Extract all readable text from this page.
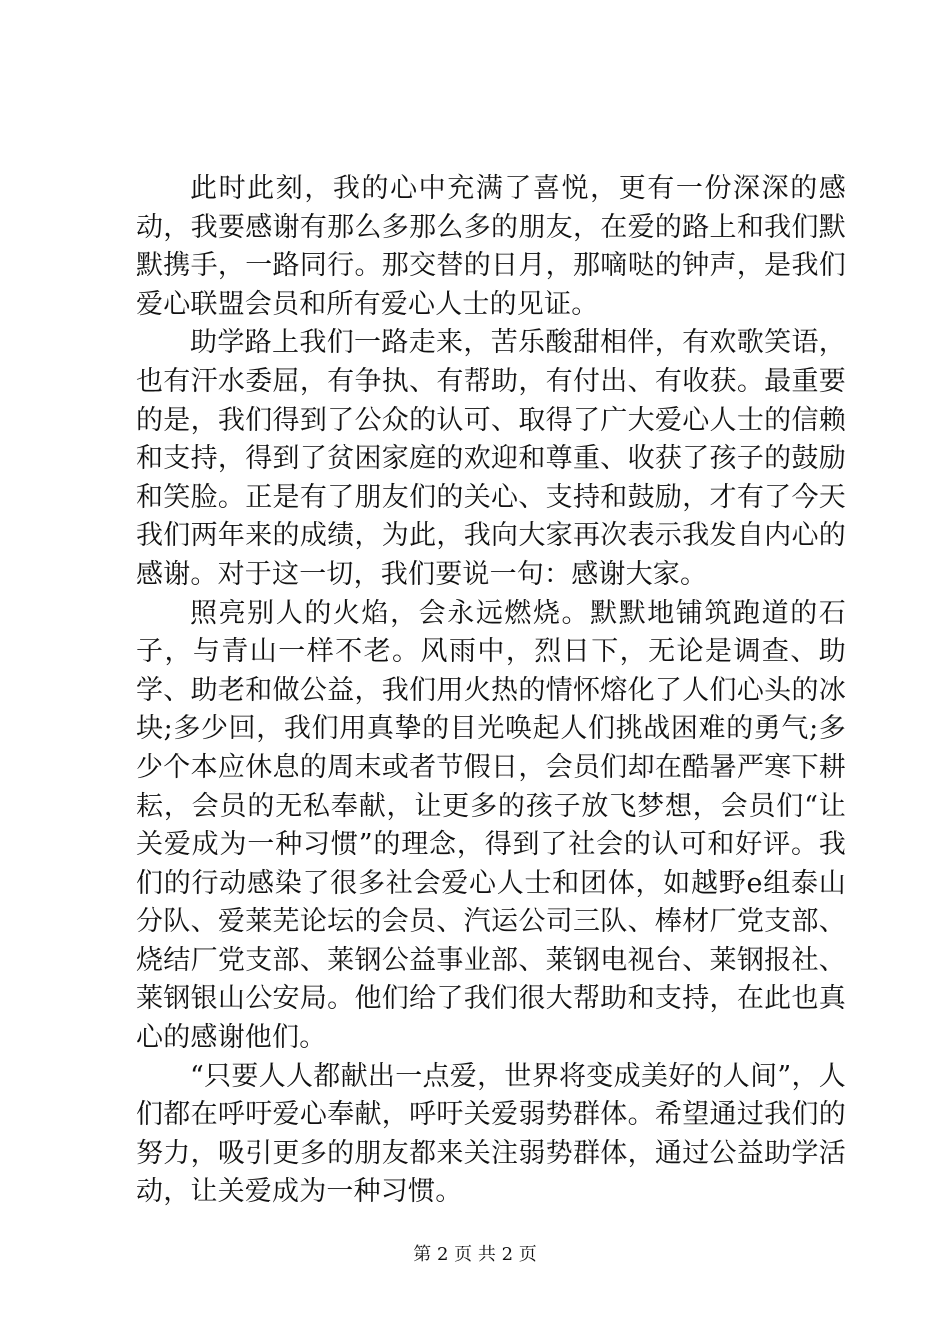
此时此刻，我的心中充满了喜悦，更有一份深深的感动，我要感谢有那么多那么多的朋友，在爱的路上和我们默默携手，一路同行。那交替的日月，那嘀哒的钟声，是我们爱心联盟会员和所有爱心人士的见证。

助学路上我们一路走来，苦乐酸甜相伴，有欢歌笑语，也有汗水委屈，有争执、有帮助，有付出、有收获。最重要的是，我们得到了公众的认可、取得了广大爱心人士的信赖和支持，得到了贫困家庭的欢迎和尊重、收获了孩子的鼓励和笑脸。正是有了朋友们的关心、支持和鼓励，才有了今天我们两年来的成绩，为此，我向大家再次表示我发自内心的感谢。对于这一切，我们要说一句：感谢大家。

照亮别人的火焰，会永远燃烧。默默地铺筑跑道的石子，与青山一样不老。风雨中，烈日下，无论是调查、助学、助老和做公益，我们用火热的情怀熔化了人们心头的冰块;多少回，我们用真挚的目光唤起人们挑战困难的勇气;多少个本应休息的周末或者节假日，会员们却在酷暑严寒下耕耘，会员的无私奉献，让更多的孩子放飞梦想，会员们“让关爱成为一种习惯”的理念，得到了社会的认可和好评。我们的行动感染了很多社会爱心人士和团体，如越野e组泰山分队、爱莱芜论坛的会员、汽运公司三队、棒材厂党支部、烧结厂党支部、莱钢公益事业部、莱钢电视台、莱钢报社、莱钢银山公安局。他们给了我们很大帮助和支持，在此也真心的感谢他们。

“只要人人都献出一点爱，世界将变成美好的人间”，人们都在呼吁爱心奉献，呼吁关爱弱势群体。希望通过我们的努力，吸引更多的朋友都来关注弱势群体，通过公益助学活动，让关爱成为一种习惯。

第 2 页 共 2 页
